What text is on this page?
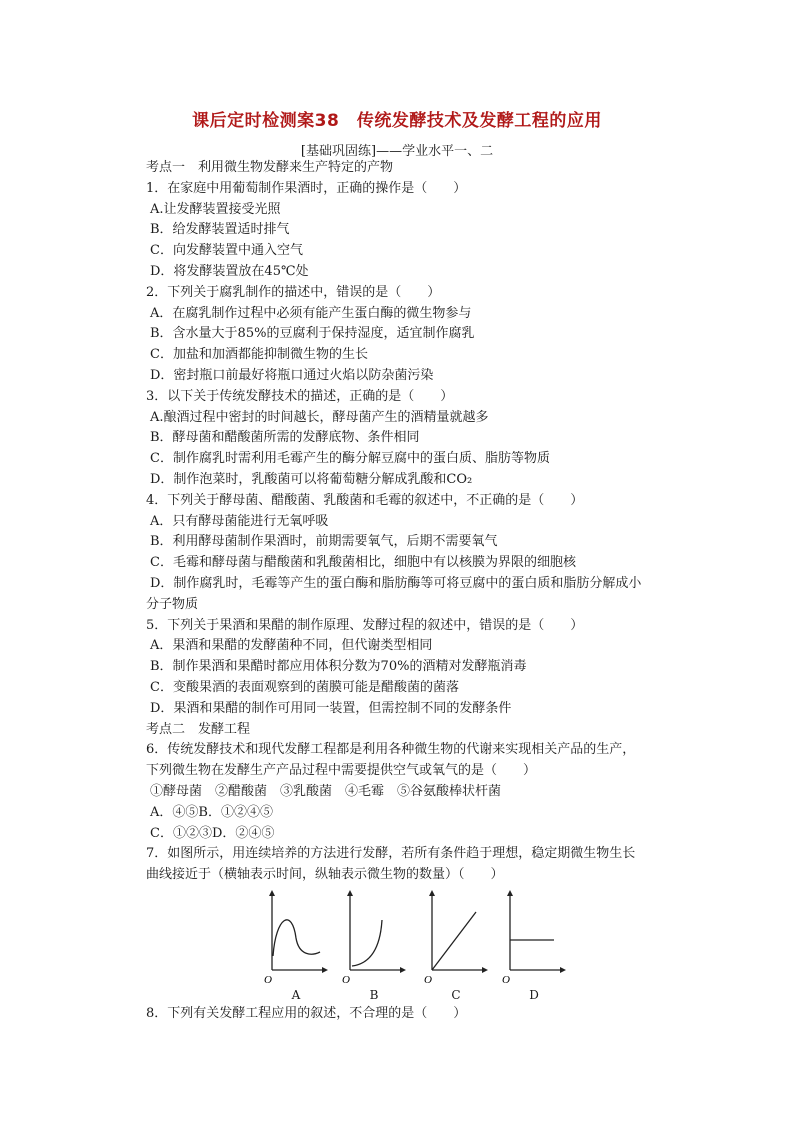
课后定时检测案38　传统发酵技术及发酵工程的应用
[基础巩固练]——学业水平一、二
考点一　利用微生物发酵来生产特定的产物
1．在家庭中用葡萄制作果酒时，正确的操作是（　　）
A.让发酵装置接受光照
B．给发酵装置适时排气
C．向发酵装置中通入空气
D．将发酵装置放在45℃处
2．下列关于腐乳制作的描述中，错误的是（　　）
A．在腐乳制作过程中必须有能产生蛋白酶的微生物参与
B．含水量大于85%的豆腐利于保持湿度，适宜制作腐乳
C．加盐和加酒都能抑制微生物的生长
D．密封瓶口前最好将瓶口通过火焰以防杂菌污染
3．以下关于传统发酵技术的描述，正确的是（　　）
A.酿酒过程中密封的时间越长，酵母菌产生的酒精量就越多
B．酵母菌和醋酸菌所需的发酵底物、条件相同
C．制作腐乳时需利用毛霉产生的酶分解豆腐中的蛋白质、脂肪等物质
D．制作泡菜时，乳酸菌可以将葡萄糖分解成乳酸和CO₂
4．下列关于酵母菌、醋酸菌、乳酸菌和毛霉的叙述中，不正确的是（　　）
A．只有酵母菌能进行无氧呼吸
B．利用酵母菌制作果酒时，前期需要氧气，后期不需要氧气
C．毛霉和酵母菌与醋酸菌和乳酸菌相比，细胞中有以核膜为界限的细胞核
D．制作腐乳时，毛霉等产生的蛋白酶和脂肪酶等可将豆腐中的蛋白质和脂肪分解成小
分子物质
5．下列关于果酒和果醋的制作原理、发酵过程的叙述中，错误的是（　　）
A．果酒和果醋的发酵菌种不同，但代谢类型相同
B．制作果酒和果醋时都应用体积分数为70%的酒精对发酵瓶消毒
C．变酸果酒的表面观察到的菌膜可能是醋酸菌的菌落
D．果酒和果醋的制作可用同一装置，但需控制不同的发酵条件
考点二　发酵工程
6．传统发酵技术和现代发酵工程都是利用各种微生物的代谢来实现相关产品的生产，
下列微生物在发酵生产产品过程中需要提供空气或氧气的是（　　）
①酵母菌　②醋酸菌　③乳酸菌　④毛霉　⑤谷氨酸棒状杆菌
A．④⑤B．①②④⑤
C．①②③D．②④⑤
7．如图所示，用连续培养的方法进行发酵，若所有条件趋于理想，稳定期微生物生长
曲线接近于（横轴表示时间，纵轴表示微生物的数量）（　　）
O
A
O
B
O
C
O
D
8．下列有关发酵工程应用的叙述，不合理的是（　　）
